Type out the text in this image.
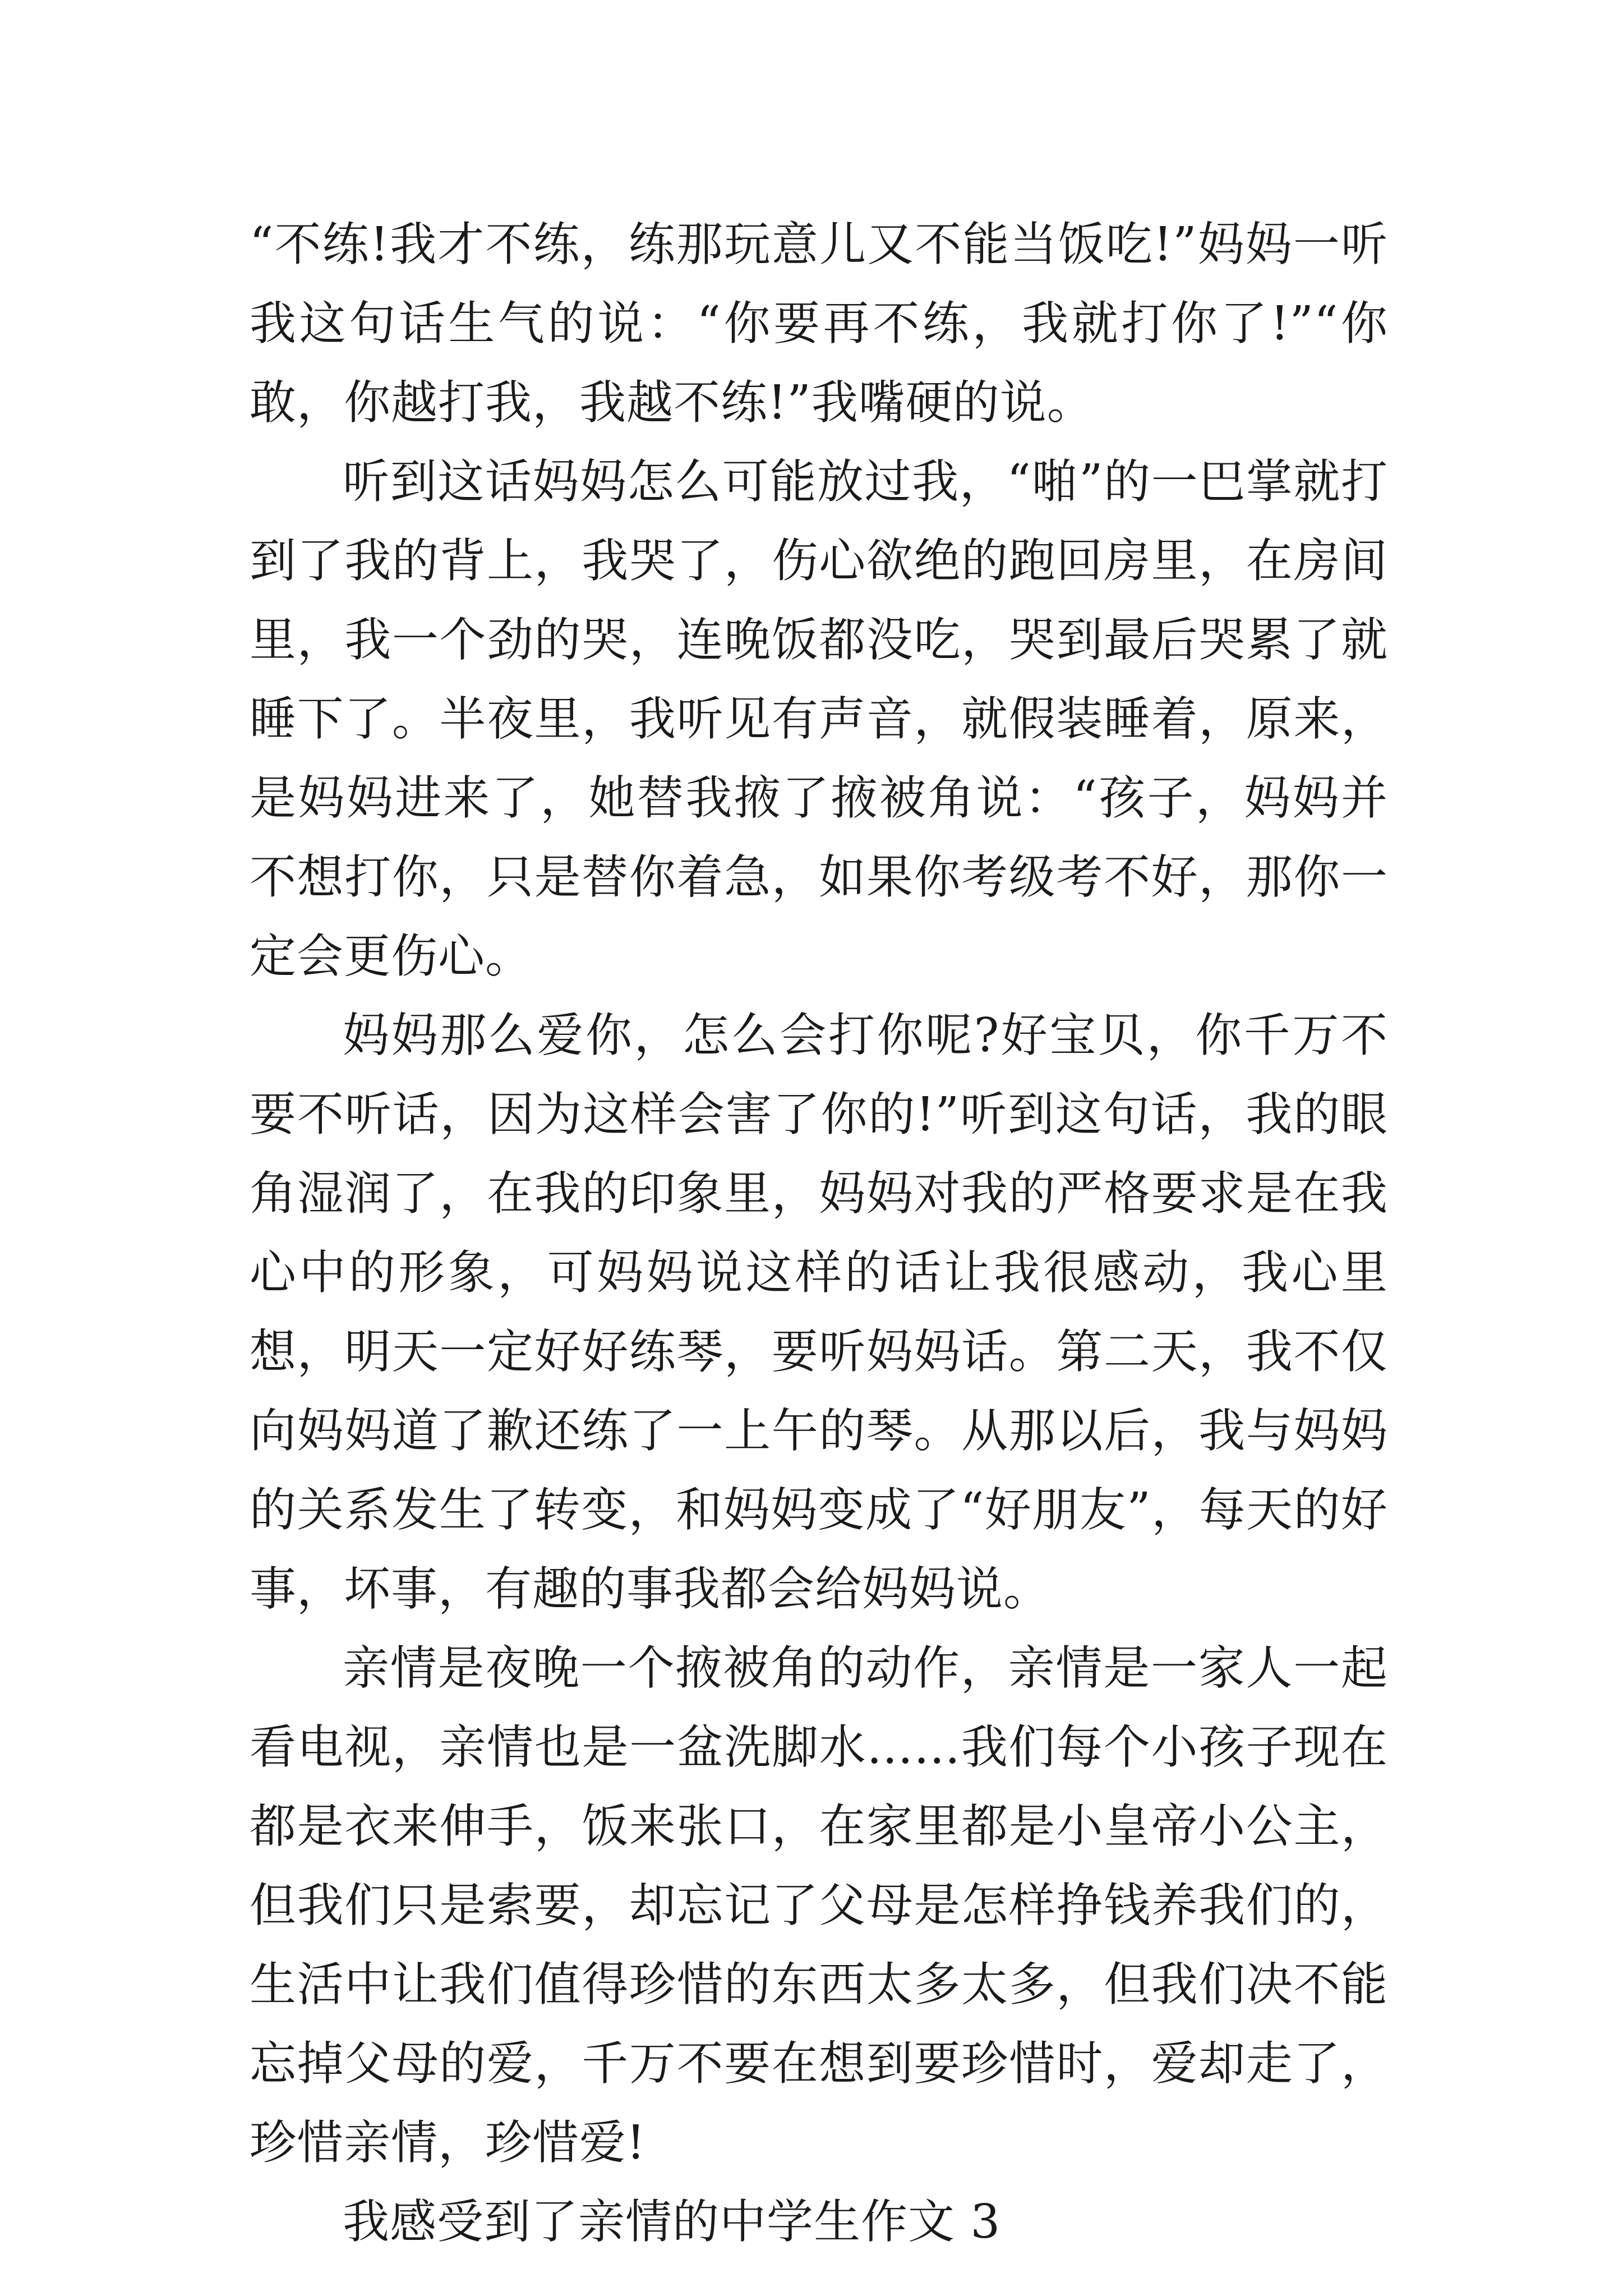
“不练!我才不练，练那玩意儿又不能当饭吃!”妈妈一听我这句话生气的说：“你要再不练，我就打你了!”“你敢，你越打我，我越不练!”我嘴硬的说。

听到这话妈妈怎么可能放过我，“啪”的一巴掌就打到了我的背上，我哭了，伤心欲绝的跑回房里，在房间里，我一个劲的哭，连晚饭都没吃，哭到最后哭累了就睡下了。半夜里，我听见有声音，就假装睡着，原来，是妈妈进来了，她替我掖了掖被角说：“孩子，妈妈并不想打你，只是替你着急，如果你考级考不好，那你一定会更伤心。

妈妈那么爱你，怎么会打你呢?好宝贝，你千万不要不听话，因为这样会害了你的!”听到这句话，我的眼角湿润了，在我的印象里，妈妈对我的严格要求是在我心中的形象，可妈妈说这样的话让我很感动，我心里想，明天一定好好练琴，要听妈妈话。第二天，我不仅向妈妈道了歉还练了一上午的琴。从那以后，我与妈妈的关系发生了转变，和妈妈变成了“好朋友”，每天的好事，坏事，有趣的事我都会给妈妈说。

亲情是夜晚一个掖被角的动作，亲情是一家人一起看电视，亲情也是一盆洗脚水……我们每个小孩子现在都是衣来伸手，饭来张口，在家里都是小皇帝小公主，但我们只是索要，却忘记了父母是怎样挣钱养我们的，生活中让我们值得珍惜的东西太多太多，但我们决不能忘掉父母的爱，千万不要在想到要珍惜时，爱却走了，珍惜亲情，珍惜爱!

我感受到了亲情的中学生作文 3
